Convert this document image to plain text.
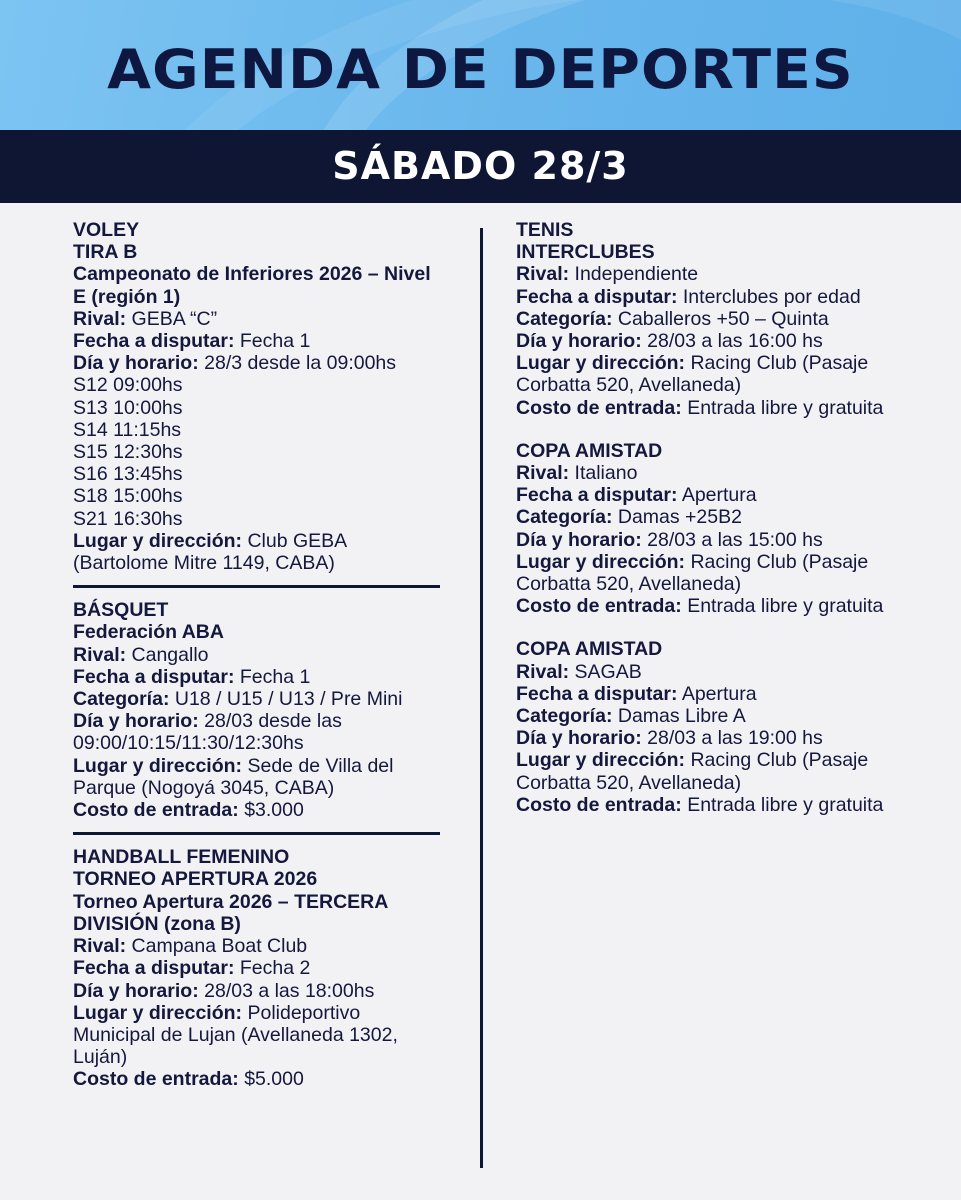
AGENDA DE DEPORTES
SÁBADO 28/3
VOLEY
TIRA B
Campeonato de Inferiores 2026 – Nivel E (región 1)
Rival: GEBA “C”
Fecha a disputar: Fecha 1
Día y horario: 28/3 desde la 09:00hs
S12 09:00hs
S13 10:00hs
S14 11:15hs
S15 12:30hs
S16 13:45hs
S18 15:00hs
S21 16:30hs
Lugar y dirección: Club GEBA (Bartolome Mitre 1149, CABA)
BÁSQUET
Federación ABA
Rival: Cangallo
Fecha a disputar: Fecha 1
Categoría: U18 / U15 / U13 / Pre Mini
Día y horario: 28/03 desde las 09:00/10:15/11:30/12:30hs
Lugar y dirección: Sede de Villa del Parque (Nogoyá 3045, CABA)
Costo de entrada: $3.000
HANDBALL FEMENINO
TORNEO APERTURA 2026
Torneo Apertura 2026 – TERCERA DIVISIÓN (zona B)
Rival: Campana Boat Club
Fecha a disputar: Fecha 2
Día y horario: 28/03 a las 18:00hs
Lugar y dirección: Polideportivo Municipal de Lujan (Avellaneda 1302, Luján)
Costo de entrada: $5.000
TENIS
INTERCLUBES
Rival: Independiente
Fecha a disputar: Interclubes por edad
Categoría: Caballeros +50 – Quinta
Día y horario: 28/03 a las 16:00 hs
Lugar y dirección: Racing Club (Pasaje Corbatta 520, Avellaneda)
Costo de entrada: Entrada libre y gratuita
COPA AMISTAD
Rival: Italiano
Fecha a disputar: Apertura
Categoría: Damas +25B2
Día y horario: 28/03 a las 15:00 hs
Lugar y dirección: Racing Club (Pasaje Corbatta 520, Avellaneda)
Costo de entrada: Entrada libre y gratuita
COPA AMISTAD
Rival: SAGAB
Fecha a disputar: Apertura
Categoría: Damas Libre A
Día y horario: 28/03 a las 19:00 hs
Lugar y dirección: Racing Club (Pasaje Corbatta 520, Avellaneda)
Costo de entrada: Entrada libre y gratuita
